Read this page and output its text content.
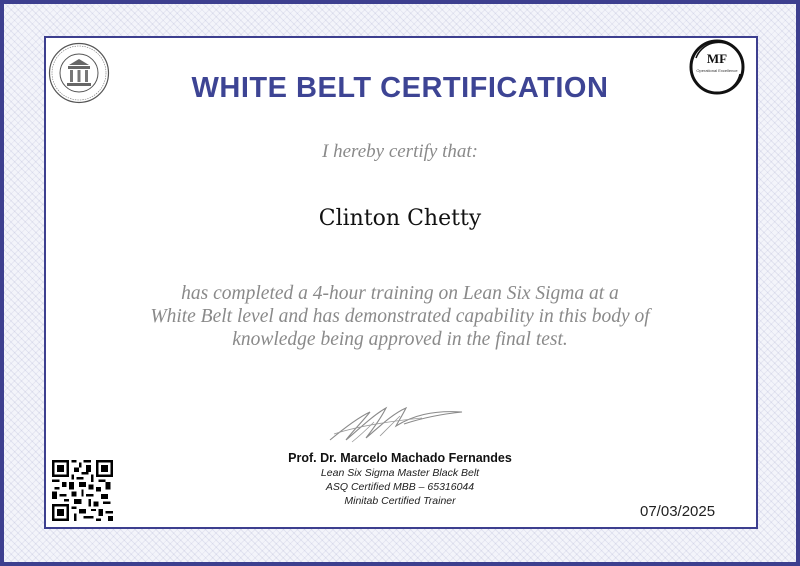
MF
Operational Excellence
WHITE BELT CERTIFICATION
I hereby certify that:
Clinton Chetty
has completed a 4-hour training on Lean Six Sigma at a
White Belt level and has demonstrated capability in this body of
knowledge being approved in the final test.
Prof. Dr. Marcelo Machado Fernandes
Lean Six Sigma Master Black Belt
ASQ Certified MBB – 65316044
Minitab Certified Trainer
07/03/2025
